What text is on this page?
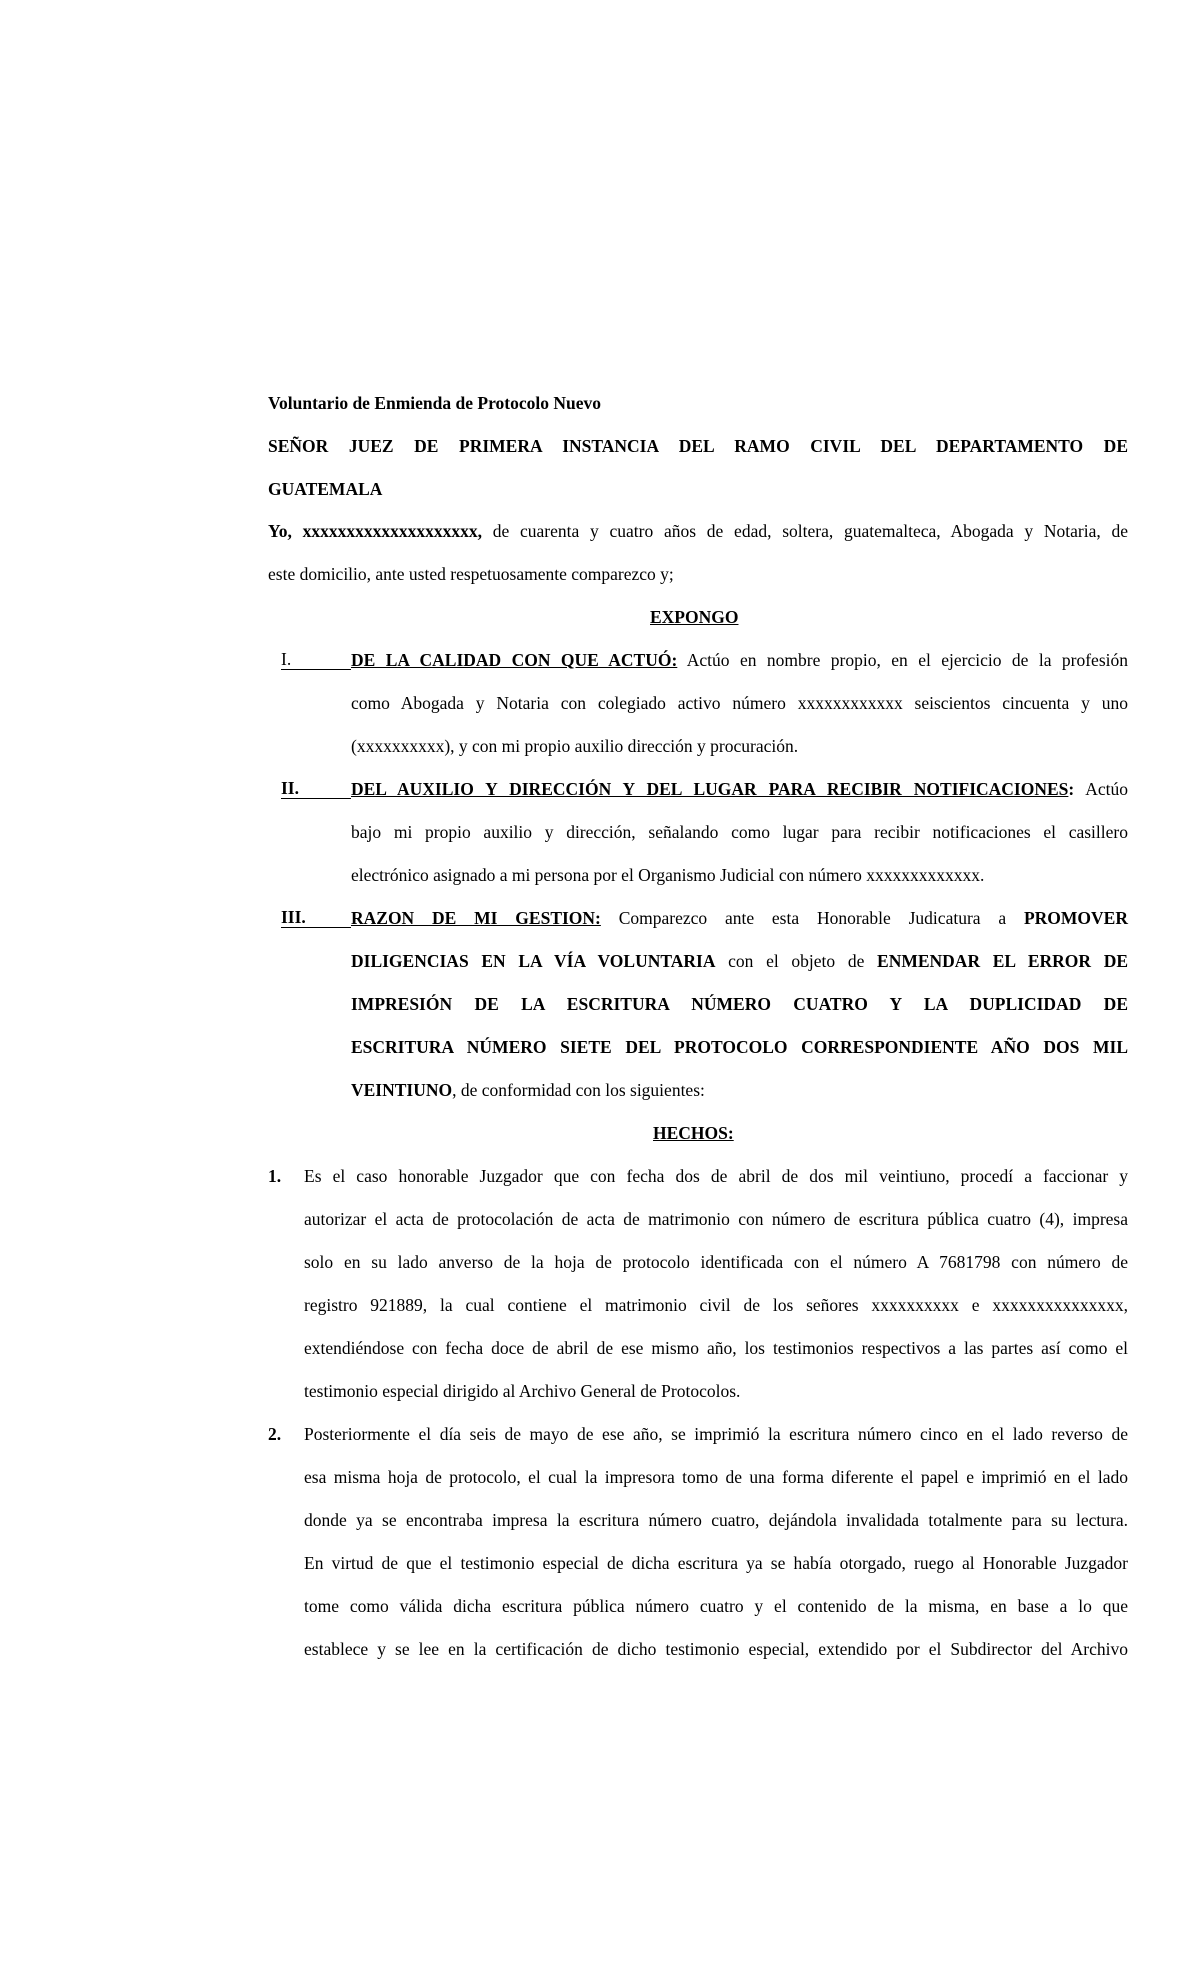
Voluntario de Enmienda de Protocolo Nuevo
SEÑOR JUEZ DE PRIMERA INSTANCIA DEL RAMO CIVIL DEL DEPARTAMENTO DE
GUATEMALA
Yo, xxxxxxxxxxxxxxxxxxxx, de cuarenta y cuatro años de edad, soltera, guatemalteca, Abogada y Notaria, de
este domicilio, ante usted respetuosamente comparezco y;
EXPONGO
I.	DE LA CALIDAD CON QUE ACTUÓ: Actúo en nombre propio, en el ejercicio de la profesión
como Abogada y Notaria con colegiado activo número xxxxxxxxxxxx seiscientos cincuenta y uno
(xxxxxxxxxx), y con mi propio auxilio dirección y procuración.
II.	DEL AUXILIO Y DIRECCIÓN Y DEL LUGAR PARA RECIBIR NOTIFICACIONES: Actúo
bajo mi propio auxilio y dirección, señalando como lugar para recibir notificaciones el casillero
electrónico asignado a mi persona por el Organismo Judicial con número xxxxxxxxxxxxx.
III.	RAZON DE MI GESTION: Comparezco ante esta Honorable Judicatura a PROMOVER
DILIGENCIAS EN LA VÍA VOLUNTARIA con el objeto de ENMENDAR EL ERROR DE
IMPRESIÓN DE LA ESCRITURA NÚMERO CUATRO Y LA DUPLICIDAD DE
ESCRITURA NÚMERO SIETE DEL PROTOCOLO CORRESPONDIENTE AÑO DOS MIL
VEINTIUNO, de conformidad con los siguientes:
HECHOS:
1. Es el caso honorable Juzgador que con fecha dos de abril de dos mil veintiuno, procedí a faccionar y
autorizar el acta de protocolación de acta de matrimonio con número de escritura pública cuatro (4), impresa
solo en su lado anverso de la hoja de protocolo identificada con el número A 7681798 con número de
registro 921889, la cual contiene el matrimonio civil de los señores xxxxxxxxxx e xxxxxxxxxxxxxxx,
extendiéndose con fecha doce de abril de ese mismo año, los testimonios respectivos a las partes así como el
testimonio especial dirigido al Archivo General de Protocolos.
2. Posteriormente el día seis de mayo de ese año, se imprimió la escritura número cinco en el lado reverso de
esa misma hoja de protocolo, el cual la impresora tomo de una forma diferente el papel e imprimió en el lado
donde ya se encontraba impresa la escritura número cuatro, dejándola invalidada totalmente para su lectura.
En virtud de que el testimonio especial de dicha escritura ya se había otorgado, ruego al Honorable Juzgador
tome como válida dicha escritura pública número cuatro y el contenido de la misma, en base a lo que
establece y se lee en la certificación de dicho testimonio especial, extendido por el Subdirector del Archivo
